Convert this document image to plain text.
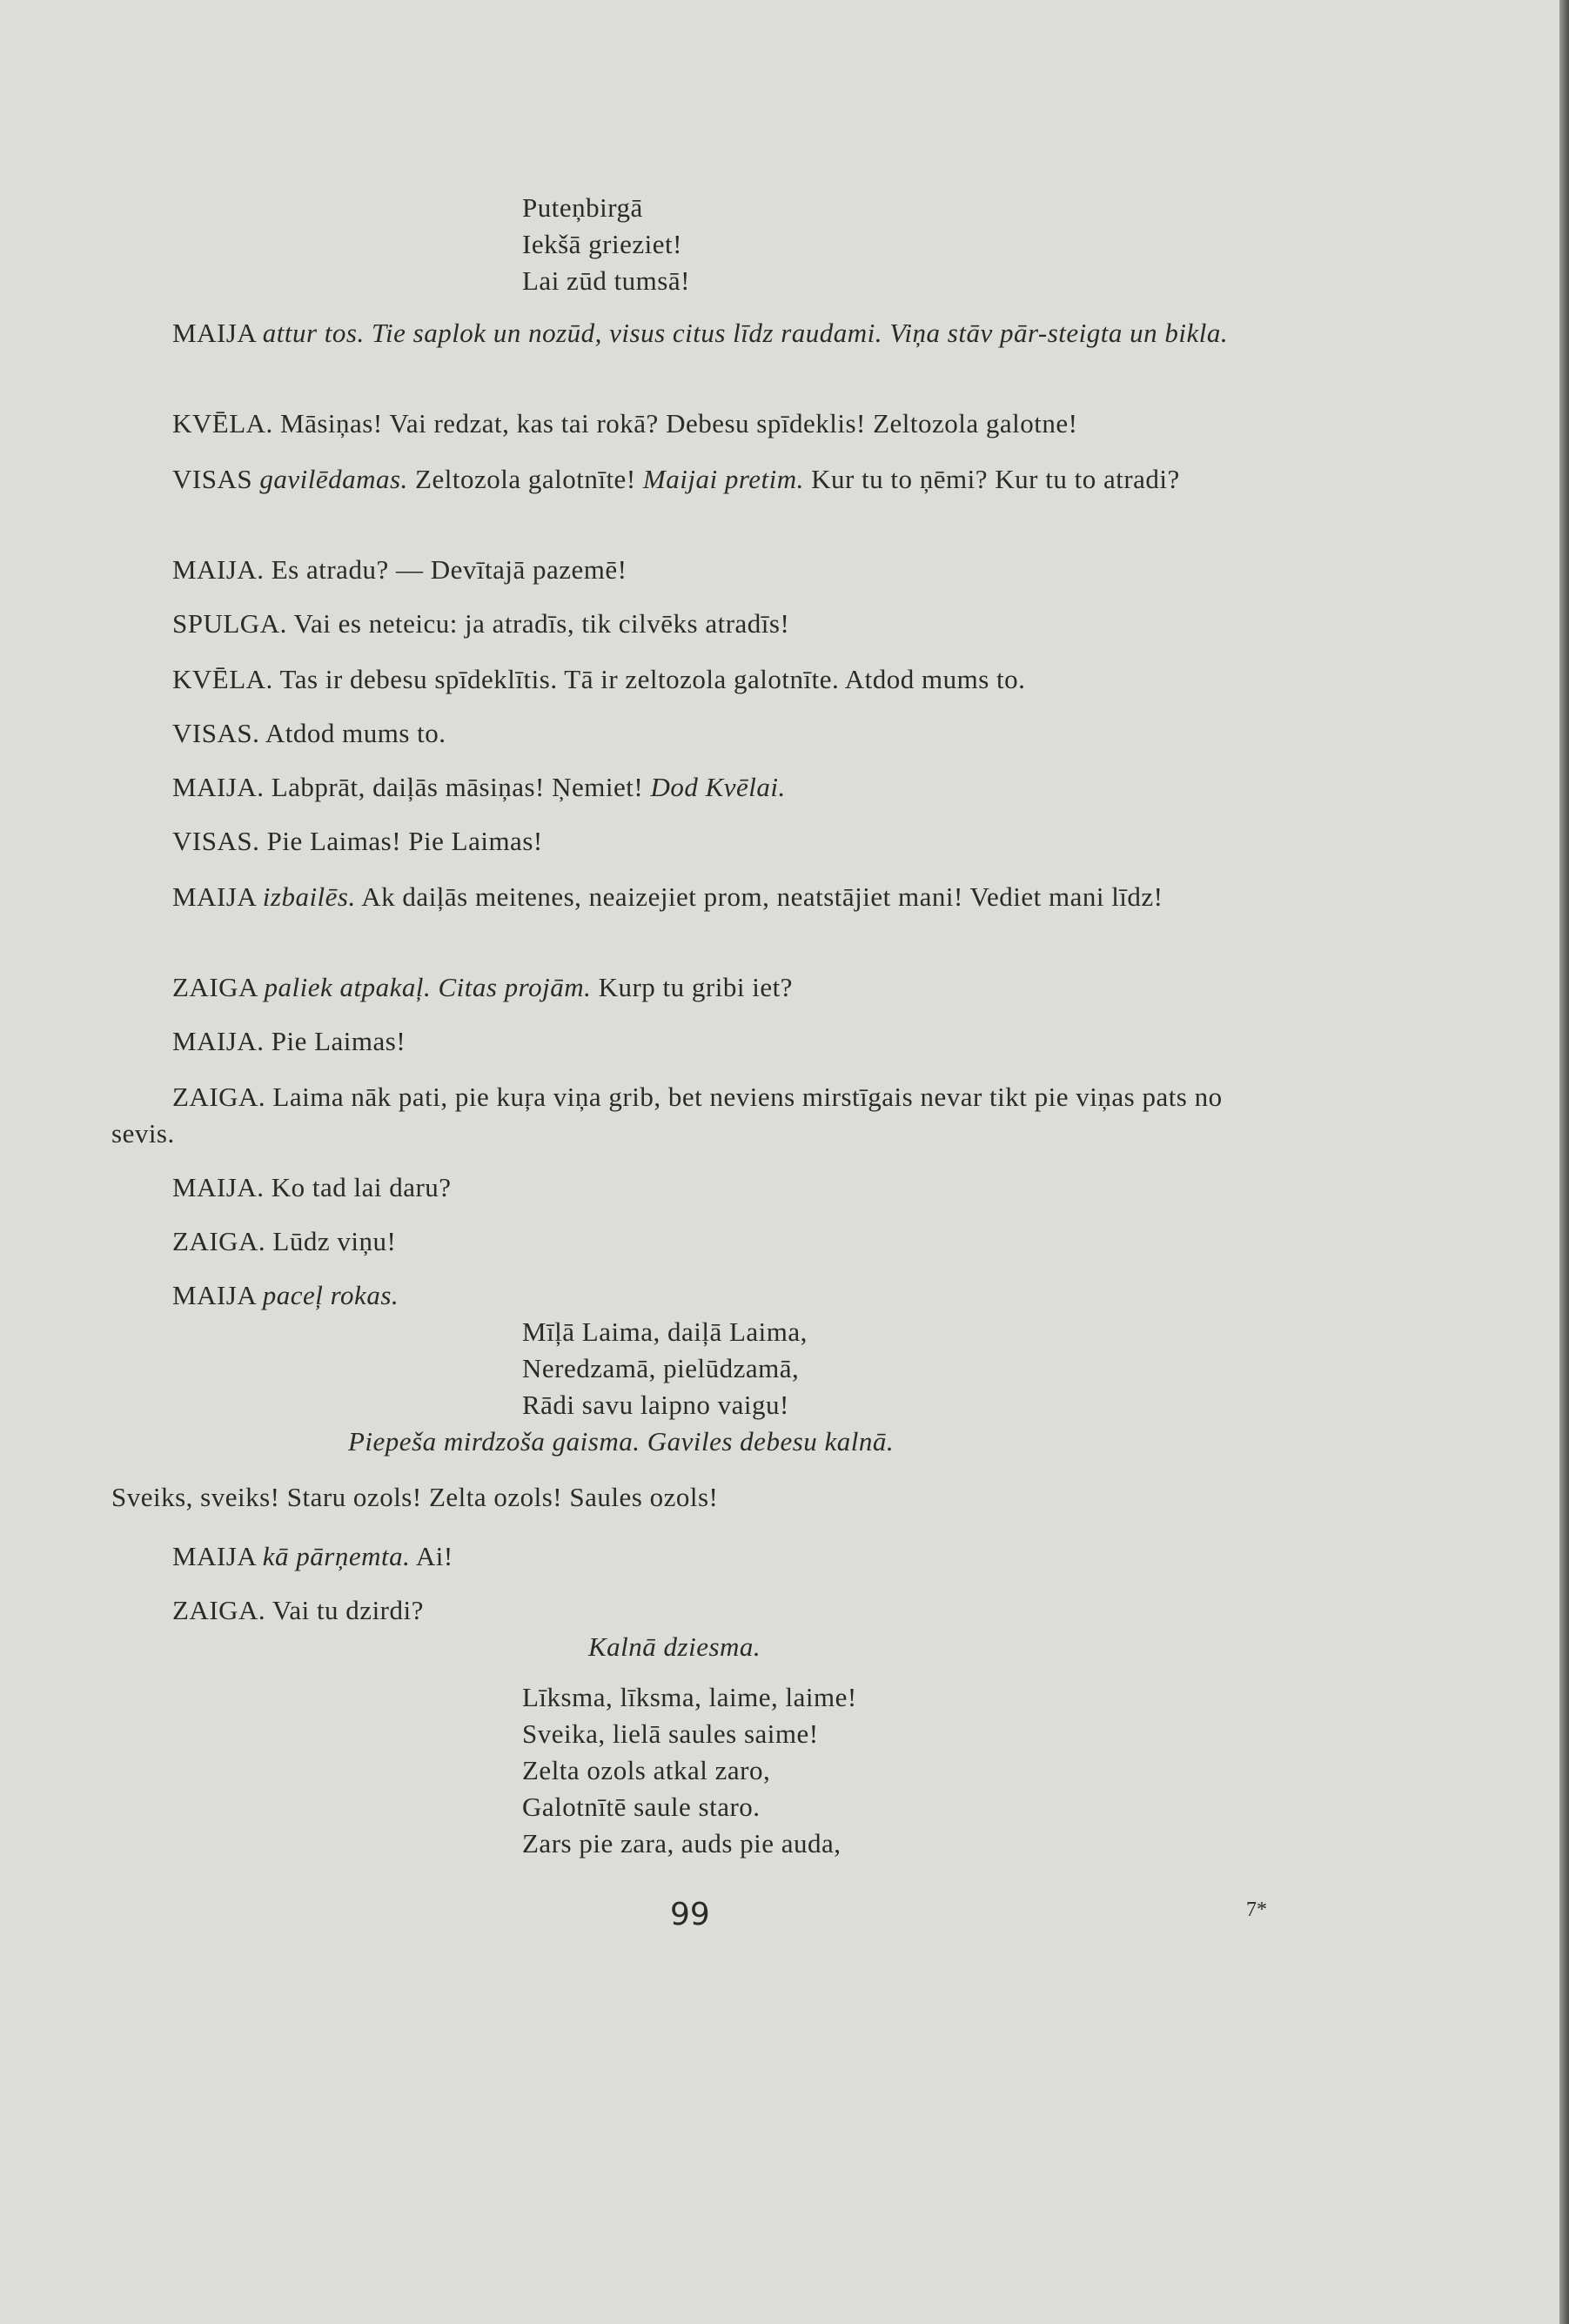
Puteņbirgā
Iekšā grieziet!
Lai zūd tumsā!

MAIJA attur tos. Tie saplok un nozūd, visus citus līdz raudami. Viņa stāv pār-steigta un bikla.

KVĒLA. Māsiņas! Vai redzat, kas tai rokā? Debesu spīdeklis! Zeltozola galotne!

VISAS gavilēdamas. Zeltozola galotnīte! Maijai pretim. Kur tu to ņēmi? Kur tu to atradi?

MAIJA. Es atradu? — Devītajā pazemē!

SPULGA. Vai es neteicu: ja atradīs, tik cilvēks atradīs!

KVĒLA. Tas ir debesu spīdeklītis. Tā ir zeltozola galotnīte. Atdod mums to.

VISAS. Atdod mums to.

MAIJA. Labprāt, daiļās māsiņas! Ņemiet! Dod Kvēlai.

VISAS. Pie Laimas! Pie Laimas!

MAIJA izbailēs. Ak daiļās meitenes, neaizejiet prom, neatstājiet mani! Vediet mani līdz!

ZAIGA paliek atpakaļ. Citas projām. Kurp tu gribi iet?

MAIJA. Pie Laimas!

ZAIGA. Laima nāk pati, pie kuŗa viņa grib, bet neviens mirstīgais nevar tikt pie viņas pats no sevis.

MAIJA. Ko tad lai daru?

ZAIGA. Lūdz viņu!

MAIJA paceļ rokas.

Mīļā Laima, daiļā Laima,
Neredzamā, pielūdzamā,
Rādi savu laipno vaigu!

Piepeša mirdzoša gaisma. Gaviles debesu kalnā.

Sveiks, sveiks! Staru ozols! Zelta ozols! Saules ozols!

MAIJA kā pārņemta. Ai!

ZAIGA. Vai tu dzirdi?

Kalnā dziesma.

Līksma, līksma, laime, laime!
Sveika, lielā saules saime!
Zelta ozols atkal zaro,
Galotnītē saule staro.
Zars pie zara, auds pie auda,
99	7*
